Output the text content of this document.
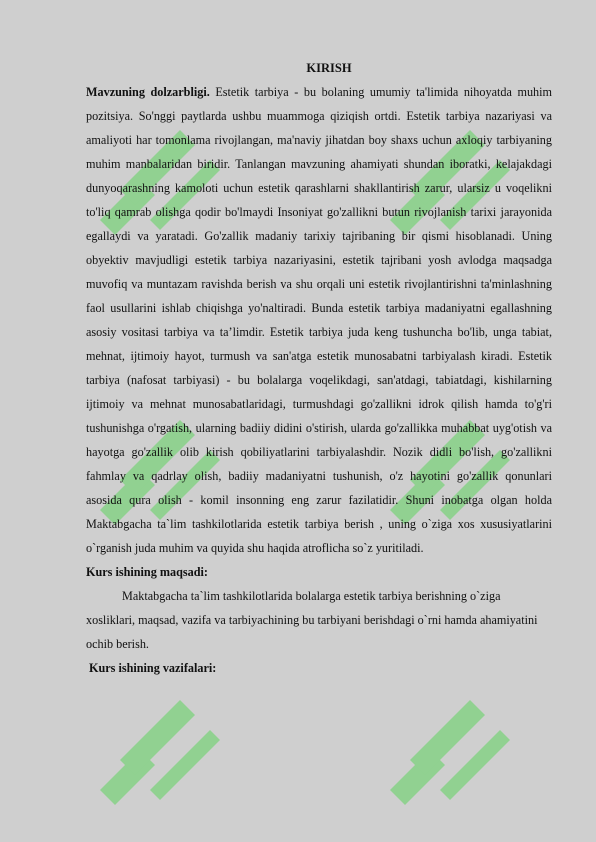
KIRISH

Mavzuning dolzarbligi. Estetik tarbiya - bu bolaning umumiy ta'limida nihoyatda muhim pozitsiya. So'nggi paytlarda ushbu muammoga qiziqish ortdi. Estetik tarbiya nazariyasi va amaliyoti har tomonlama rivojlangan, ma'naviy jihatdan boy shaxs uchun axloqiy tarbiyaning muhim manbalaridan biridir. Tanlangan mavzuning ahamiyati shundan iboratki, kelajakdagi dunyoqarashning kamoloti uchun estetik qarashlarni shakllantirish zarur, ularsiz u voqelikni to'liq qamrab olishga qodir bo'lmaydi Insoniyat go'zallikni butun rivojlanish tarixi jarayonida egallaydi va yaratadi. Go'zallik madaniy tarixiy tajribaning bir qismi hisoblanadi. Uning obyektiv mavjudligi estetik tarbiya nazariyasini, estetik tajribani yosh avlodga maqsadga muvofiq va muntazam ravishda berish va shu orqali uni estetik rivojlantirishni ta'minlashning faol usullarini ishlab chiqishga yo'naltiradi. Bunda estetik tarbiya madaniyatni egallashning asosiy vositasi tarbiya va ta’limdir. Estetik tarbiya juda keng tushuncha bo'lib, unga tabiat, mehnat, ijtimoiy hayot, turmush va san'atga estetik munosabatni tarbiyalash kiradi. Estetik tarbiya (nafosat tarbiyasi) - bu bolalarga voqelikdagi, san'atdagi, tabiatdagi, kishilarning ijtimoiy va mehnat munosabatlaridagi, turmushdagi go'zallikni idrok qilish hamda to'g'ri tushunishga o'rgatish, ularning badiiy didini o'stirish, ularda go'zallikka muhabbat uyg'otish va hayotga go'zallik olib kirish qobiliyatlarini tarbiyalashdir. Nozik didli bo'lish, go'zallikni fahmlay va qadrlay olish, badiiy madaniyatni tushunish, o'z hayotini go'zallik qonunlari asosida qura olish - komil insonning eng zarur fazilatidir. Shuni inobatga olgan holda Maktabgacha ta`lim tashkilotlarida estetik tarbiya berish , uning o`ziga xos xususiyatlarini o`rganish juda muhim va quyida shu haqida atroflicha so`z yuritiladi.

Kurs ishining maqsadi:

Maktabgacha ta`lim tashkilotlarida bolalarga estetik tarbiya berishning o`ziga xosliklari, maqsad, vazifa va tarbiyachining bu tarbiyani berishdagi o`rni hamda ahamiyatini ochib berish.

Kurs ishining vazifalari:
